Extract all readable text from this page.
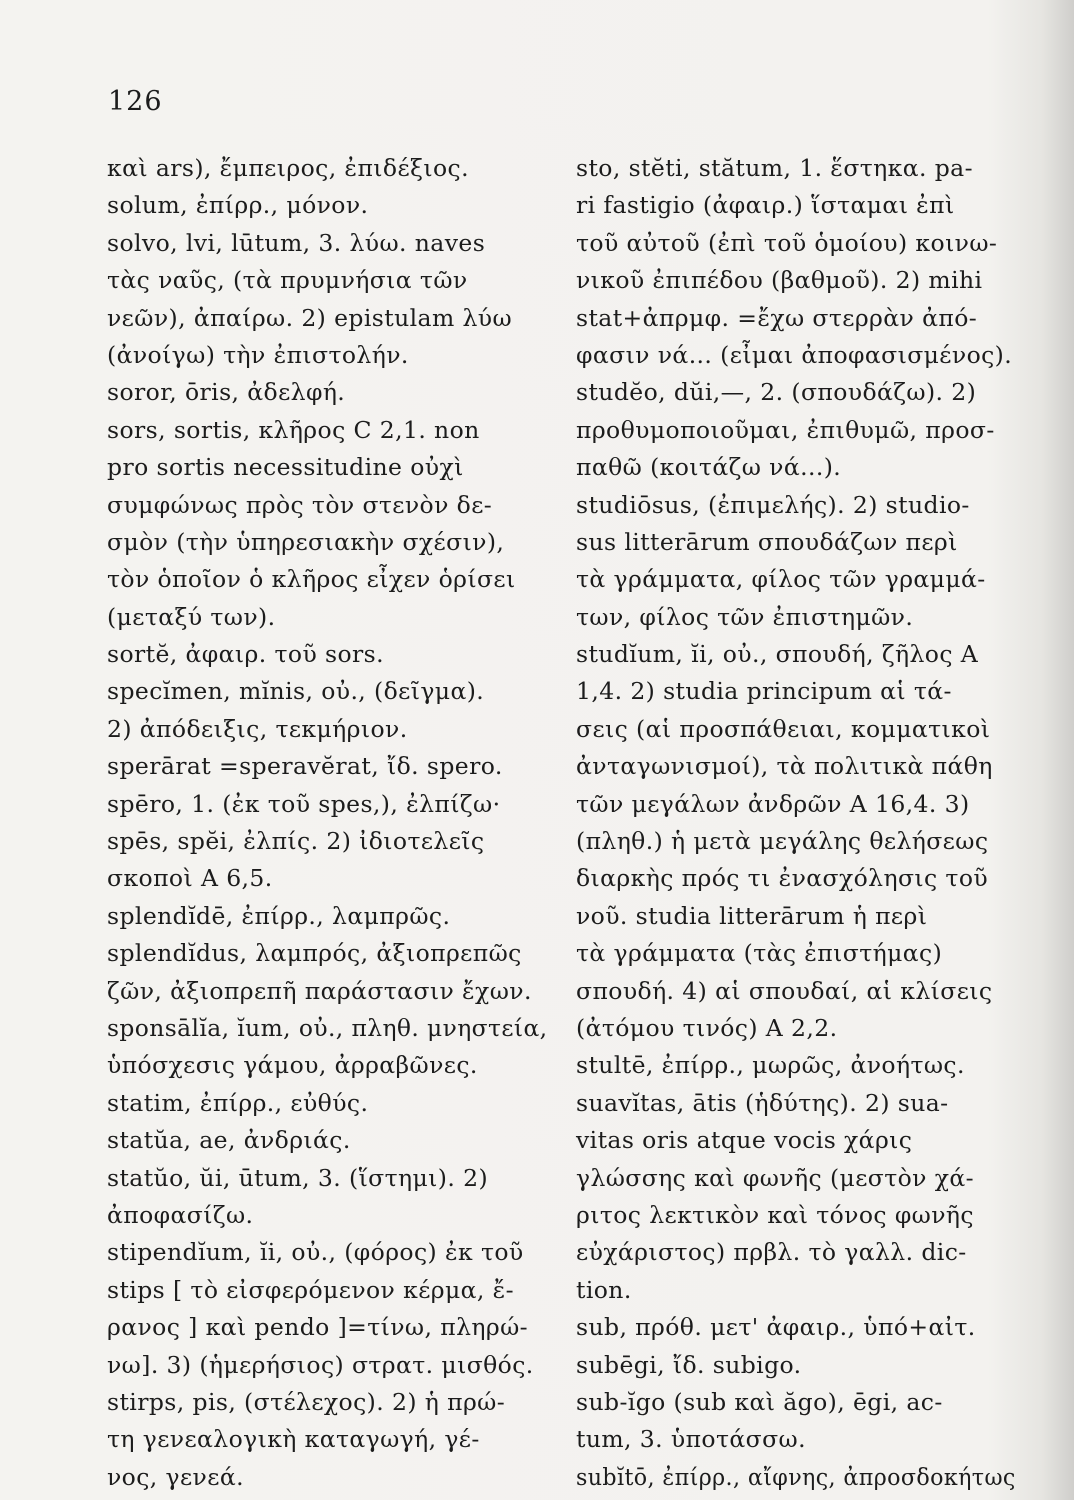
126
καὶ ars), ἔμπειρος, ἐπιδέξιος.
solum, ἐπίρρ., μόνον.
solvo, lvi, lūtum, 3. λύω. naves
τὰς ναῦς, (τὰ πρυμνήσια τῶν
νεῶν), ἀπαίρω. 2) epistulam λύω
(ἀνοίγω) τὴν ἐπιστολήν.
soror, ōris, ἀδελφή.
sors, sortis, κλῆρος C 2,1. non
pro sortis necessitudine οὐχὶ
συμφώνως πρὸς τὸν στενὸν δε-
σμὸν (τὴν ὑπηρεσιακὴν σχέσιν),
τὸν ὁποῖον ὁ κλῆρος εἶχεν ὁρίσει
(μεταξύ των).
sortĕ, ἀφαιρ. τοῦ sors.
specĭmen, mĭnis, οὐ., (δεῖγμα).
2) ἀπόδειξις, τεκμήριον.
sperārat =speravĕrat, ἴδ. spero.
spēro, 1. (ἐκ τοῦ spes,), ἐλπίζω·
spēs, spĕi, ἐλπίς. 2) ἰδιοτελεῖς
σκοποὶ A 6,5.
splendĭdē, ἐπίρρ., λαμπρῶς.
splendĭdus, λαμπρός, ἀξιοπρεπῶς
ζῶν, ἀξιοπρεπῆ παράστασιν ἔχων.
sponsālĭa, ĭum, οὐ., πληθ. μνηστεία,
ὑπόσχεσις γάμου, ἀρραβῶνες.
statim, ἐπίρρ., εὐθύς.
statŭa, ae, ἀνδριάς.
statŭo, ŭi, ūtum, 3. (ἵστημι). 2)
ἀποφασίζω.
stipendĭum, ĭi, οὐ., (φόρος) ἐκ τοῦ
stips [ τὸ εἰσφερόμενον κέρμα, ἔ-
ρανος ] καὶ pendo ]=τίνω, πληρώ-
νω]. 3) (ἡμερήσιος) στρατ. μισθός.
stirps, pis, (στέλεχος). 2) ἡ πρώ-
τη γενεαλογικὴ καταγωγή, γέ-
νος, γενεά.
sto, stĕti, stătum, 1. ἕστηκα. pa-
ri fastigio (ἀφαιρ.) ἵσταμαι ἐπὶ
τοῦ αὐτοῦ (ἐπὶ τοῦ ὁμοίου) κοινω-
νικοῦ ἐπιπέδου (βαθμοῦ). 2) mihi
stat+ἀπρμφ. =ἔχω στερρὰν ἀπό-
φασιν νά... (εἶμαι ἀποφασισμένος).
studĕo, dŭi,—, 2. (σπουδάζω). 2)
προθυμοποιοῦμαι, ἐπιθυμῶ, προσ-
παθῶ (κοιτάζω νά...).
studiōsus, (ἐπιμελής). 2) studio-
sus litterārum σπουδάζων περὶ
τὰ γράμματα, φίλος τῶν γραμμά-
των, φίλος τῶν ἐπιστημῶν.
studĭum, ĭi, οὐ., σπουδή, ζῆλος A
1,4. 2) studia principum αἱ τά-
σεις (αἱ προσπάθειαι, κομματικοὶ
ἀνταγωνισμοί), τὰ πολιτικὰ πάθη
τῶν μεγάλων ἀνδρῶν A 16,4. 3)
(πληθ.) ἡ μετὰ μεγάλης θελήσεως
διαρκὴς πρός τι ἐνασχόλησις τοῦ
νοῦ. studia litterārum ἡ περὶ
τὰ γράμματα (τὰς ἐπιστήμας)
σπουδή. 4) αἱ σπουδαί, αἱ κλίσεις
(ἀτόμου τινός) A 2,2.
stultē, ἐπίρρ., μωρῶς, ἀνοήτως.
suavĭtas, ātis (ἡδύτης). 2) sua-
vitas oris atque vocis χάρις
γλώσσης καὶ φωνῆς (μεστὸν χά-
ριτος λεκτικὸν καὶ τόνος φωνῆς
εὐχάριστος) πρβλ. τὸ γαλλ. dic-
tion.
sub, πρόθ. μετ' ἀφαιρ., ὑπό+αἰτ.
subēgi, ἴδ. subigo.
sub-ĭgo (sub καὶ ăgo), ēgi, ac-
tum, 3. ὑποτάσσω.
subĭtō, ἐπίρρ., αἴφνης, ἀπροσδοκήτως
